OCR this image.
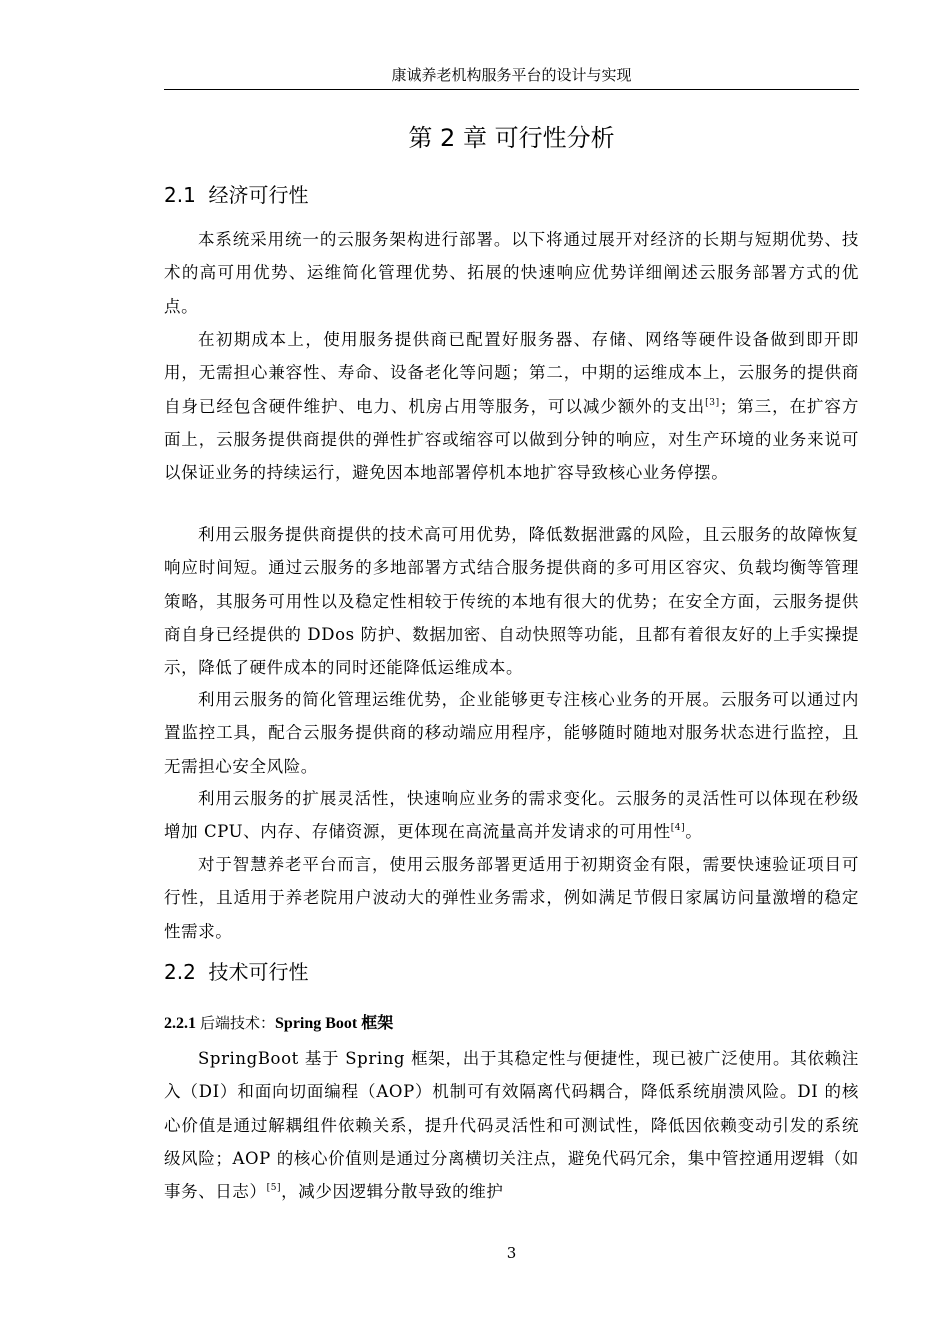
康诚养老机构服务平台的设计与实现
第 2 章 可行性分析
2.1 经济可行性

本系统采用统一的云服务架构进行部署。以下将通过展开对经济的长期与短期优势、技术的高可用优势、运维简化管理优势、拓展的快速响应优势详细阐述云服务部署方式的优点。

在初期成本上，使用服务提供商已配置好服务器、存储、网络等硬件设备做到即开即用，无需担心兼容性、寿命、设备老化等问题；第二，中期的运维成本上，云服务的提供商自身已经包含硬件维护、电力、机房占用等服务，可以减少额外的支出[3]；第三，在扩容方面上，云服务提供商提供的弹性扩容或缩容可以做到分钟的响应，对生产环境的业务来说可以保证业务的持续运行，避免因本地部署停机本地扩容导致核心业务停摆。

利用云服务提供商提供的技术高可用优势，降低数据泄露的风险，且云服务的故障恢复响应时间短。通过云服务的多地部署方式结合服务提供商的多可用区容灾、负载均衡等管理策略，其服务可用性以及稳定性相较于传统的本地有很大的优势；在安全方面，云服务提供商自身已经提供的 DDos 防护、数据加密、自动快照等功能，且都有着很友好的上手实操提示，降低了硬件成本的同时还能降低运维成本。

利用云服务的简化管理运维优势，企业能够更专注核心业务的开展。云服务可以通过内置监控工具，配合云服务提供商的移动端应用程序，能够随时随地对服务状态进行监控，且无需担心安全风险。

利用云服务的扩展灵活性，快速响应业务的需求变化。云服务的灵活性可以体现在秒级增加 CPU、内存、存储资源，更体现在高流量高并发请求的可用性[4]。

对于智慧养老平台而言，使用云服务部署更适用于初期资金有限，需要快速验证项目可行性，且适用于养老院用户波动大的弹性业务需求，例如满足节假日家属访问量激增的稳定性需求。

2.2 技术可行性
2.2.1 后端技术：Spring Boot 框架

SpringBoot 基于 Spring 框架，出于其稳定性与便捷性，现已被广泛使用。其依赖注入（DI）和面向切面编程（AOP）机制可有效隔离代码耦合，降低系统崩溃风险。DI 的核心价值是通过解耦组件依赖关系，提升代码灵活性和可测试性，降低因依赖变动引发的系统级风险；AOP 的核心价值则是通过分离横切关注点，避免代码冗余，集中管控通用逻辑（如事务、日志）[5]，减少因逻辑分散导致的维护

3
